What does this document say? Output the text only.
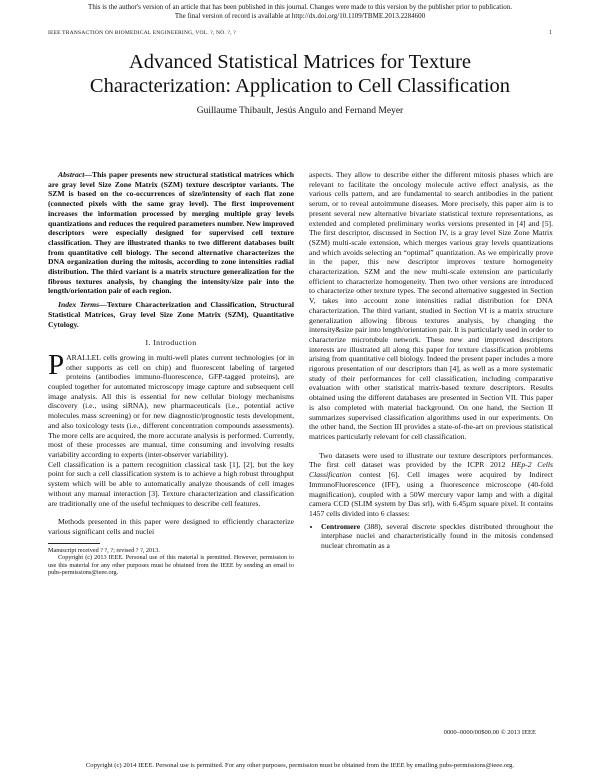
This is the author's version of an article that has been published in this journal. Changes were made to this version by the publisher prior to publication.
The final version of record is available at http://dx.doi.org/10.1109/TBME.2013.2284600
IEEE TRANSACTION ON BIOMEDICAL ENGINEERING, VOL. ?, NO. ?, ?	1
Advanced Statistical Matrices for Texture
Characterization: Application to Cell Classification
Guillaume Thibault, Jesús Angulo and Fernand Meyer

Abstract—This paper presents new structural statistical matrices which are gray level Size Zone Matrix (SZM) texture descriptor variants. The SZM is based on the co-occurrences of size/intensity of each flat zone (connected pixels with the same gray level). The first improvement increases the information processed by merging multiple gray levels quantizations and reduces the required parameters number. New improved descriptors were especially designed for supervised cell texture classification. They are illustrated thanks to two different databases built from quantitative cell biology. The second alternative characterizes the DNA organization during the mitosis, according to zone intensities radial distribution. The third variant is a matrix structure generalization for the fibrous textures analysis, by changing the intensity/size pair into the length/orientation pair of each region.

Index Terms—Texture Characterization and Classification, Structural Statistical Matrices, Gray level Size Zone Matrix (SZM), Quantitative Cytology.

I. Introduction

PARALLEL cells growing in multi-well plates current technologies (or in other supports as cell on chip) and fluorescent labeling of targeted proteins (antibodies immuno-fluorescence, GFP-tagged proteins), are coupled together for automated microscopy image capture and subsequent cell image analysis. All this is essential for new cellular biology mechanisms discovery (i.e., using siRNA), new pharmaceuticals (i.e., potential active molecules mass screening) or for new diagnostic/prognostic tests development, and also toxicology tests (i.e., different concentration compounds assessments). The more cells are acquired, the more accurate analysis is performed. Currently, most of these processes are manual, time consuming and involving results variability according to experts (inter-observer variability).

Cell classification is a pattern recognition classical task [1], [2], but the key point for such a cell classification system is to achieve a high robust throughput system which will be able to automatically analyze thousands of cell images without any manual interaction [3]. Texture characterization and classification are traditionally one of the useful techniques to describe cell features.

Methods presented in this paper were designed to efficiently characterize various significant cells and nuclei

Manuscript received ? ?, ?; revised ? ?, 2013.

Copyright (c) 2013 IEEE. Personal use of this material is permitted. However, permission to use this material for any other purposes must be obtained from the IEEE by sending an email to pubs-permissions@ieee.org.

aspects. They allow to describe either the different mitosis phases which are relevant to facilitate the oncology molecule active effect analysis, as the various cells pattern, and are fundamental to search antibodies in the patient serum, or to reveal autoimmune diseases. More precisely, this paper aim is to present several new alternative bivariate statistical texture representations, as extended and completed preliminary works versions presented in [4] and [5]. The first descriptor, discussed in Section IV, is a gray level Size Zone Matrix (SZM) multi-scale extension, which merges various gray levels quantizations and which avoids selecting an “optimal” quantization. As we empirically prove in the paper, this new descriptor improves texture homogeneity characterization. SZM and the new multi-scale extension are particularly efficient to characterize homogeneity. Then two other versions are introduced to characterize other texture types. The second alternative suggested in Section V, takes into account zone intensities radial distribution for DNA characterization. The third variant, studied in Section VI is a matrix structure generalization allowing fibrous textures analysis, by changing the intensity&size pair into length/orientation pair. It is particularly used in order to characterize microtubule network. These new and improved descriptors interests are illustrated all along this paper for texture classification problems arising from quantitative cell biology. Indeed the present paper includes a more rigorous presentation of our descriptors than [4], as well as a more systematic study of their performances for cell classification, including comparative evaluation with other statistical matrix-based texture descriptors. Results obtained using the different databases are presented in Section VII. This paper is also completed with material background. On one hand, the Section II summarizes supervised classification algorithms used in our experiments. On the other hand, the Section III provides a state-of-the-art on previous statistical matrices particularly relevant for cell classification.

Two datasets were used to illustrate our texture descriptors performances. The first cell dataset was provided by the ICPR 2012 HEp-2 Cells Classification contest [6]. Cell images were acquired by Indirect ImmunoFluorescence (IFF), using a fluorescence microscope (40-fold magnification), coupled with a 50W mercury vapor lamp and with a digital camera CCD (SLIM system by Das srl), with 6.45µm square pixel. It contains 1457 cells divided into 6 classes:

• Centromere (388), several discrete speckles distributed throughout the interphase nuclei and characteristically found in the mitosis condensed nuclear chromatin as a
0000–0000/00$00.00 © 2013 IEEE
Copyright (c) 2014 IEEE. Personal use is permitted. For any other purposes, permission must be obtained from the IEEE by emailing pubs-permissions@ieee.org.
